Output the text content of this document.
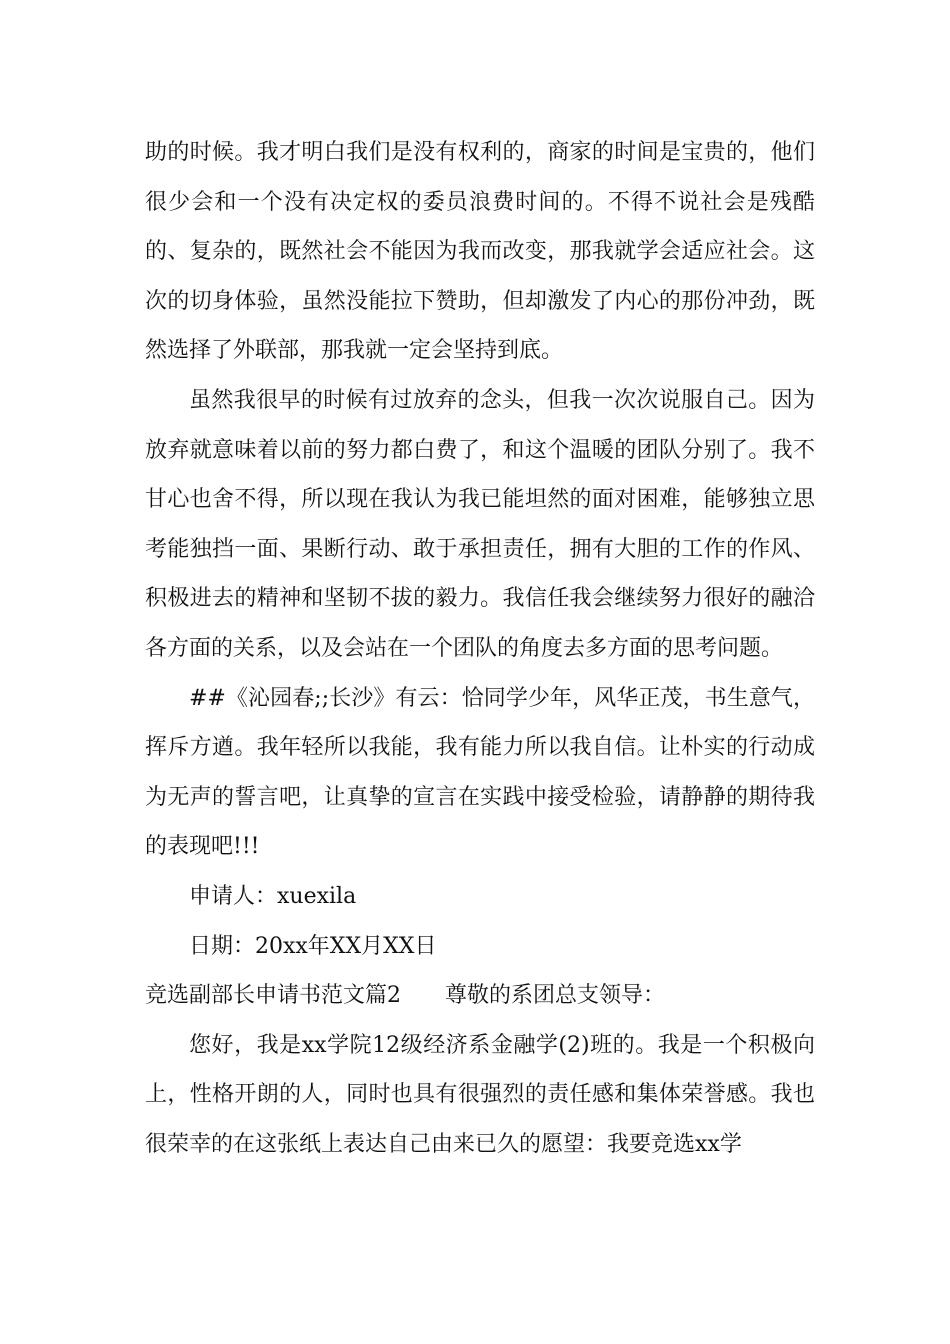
助的时候。我才明白我们是没有权利的，商家的时间是宝贵的，他们很少会和一个没有决定权的委员浪费时间的。不得不说社会是残酷的、复杂的，既然社会不能因为我而改变，那我就学会适应社会。这次的切身体验，虽然没能拉下赞助，但却激发了内心的那份冲劲，既然选择了外联部，那我就一定会坚持到底。

虽然我很早的时候有过放弃的念头，但我一次次说服自己。因为放弃就意味着以前的努力都白费了，和这个温暖的团队分别了。我不甘心也舍不得，所以现在我认为我已能坦然的面对困难，能够独立思考能独挡一面、果断行动、敢于承担责任，拥有大胆的工作的作风、积极进去的精神和坚韧不拔的毅力。我信任我会继续努力很好的融洽各方面的关系，以及会站在一个团队的角度去多方面的思考问题。

##《沁园春;;长沙》有云：恰同学少年，风华正茂，书生意气，挥斥方遒。我年轻所以我能，我有能力所以我自信。让朴实的行动成为无声的誓言吧，让真挚的宣言在实践中接受检验，请静静的期待我的表现吧!!!

申请人：xuexila

日期：20xx年XX月XX日

竞选副部长申请书范文篇2 尊敬的系团总支领导：

您好，我是xx学院12级经济系金融学(2)班的。我是一个积极向上，性格开朗的人，同时也具有很强烈的责任感和集体荣誉感。我也很荣幸的在这张纸上表达自己由来已久的愿望：我要竞选xx学
